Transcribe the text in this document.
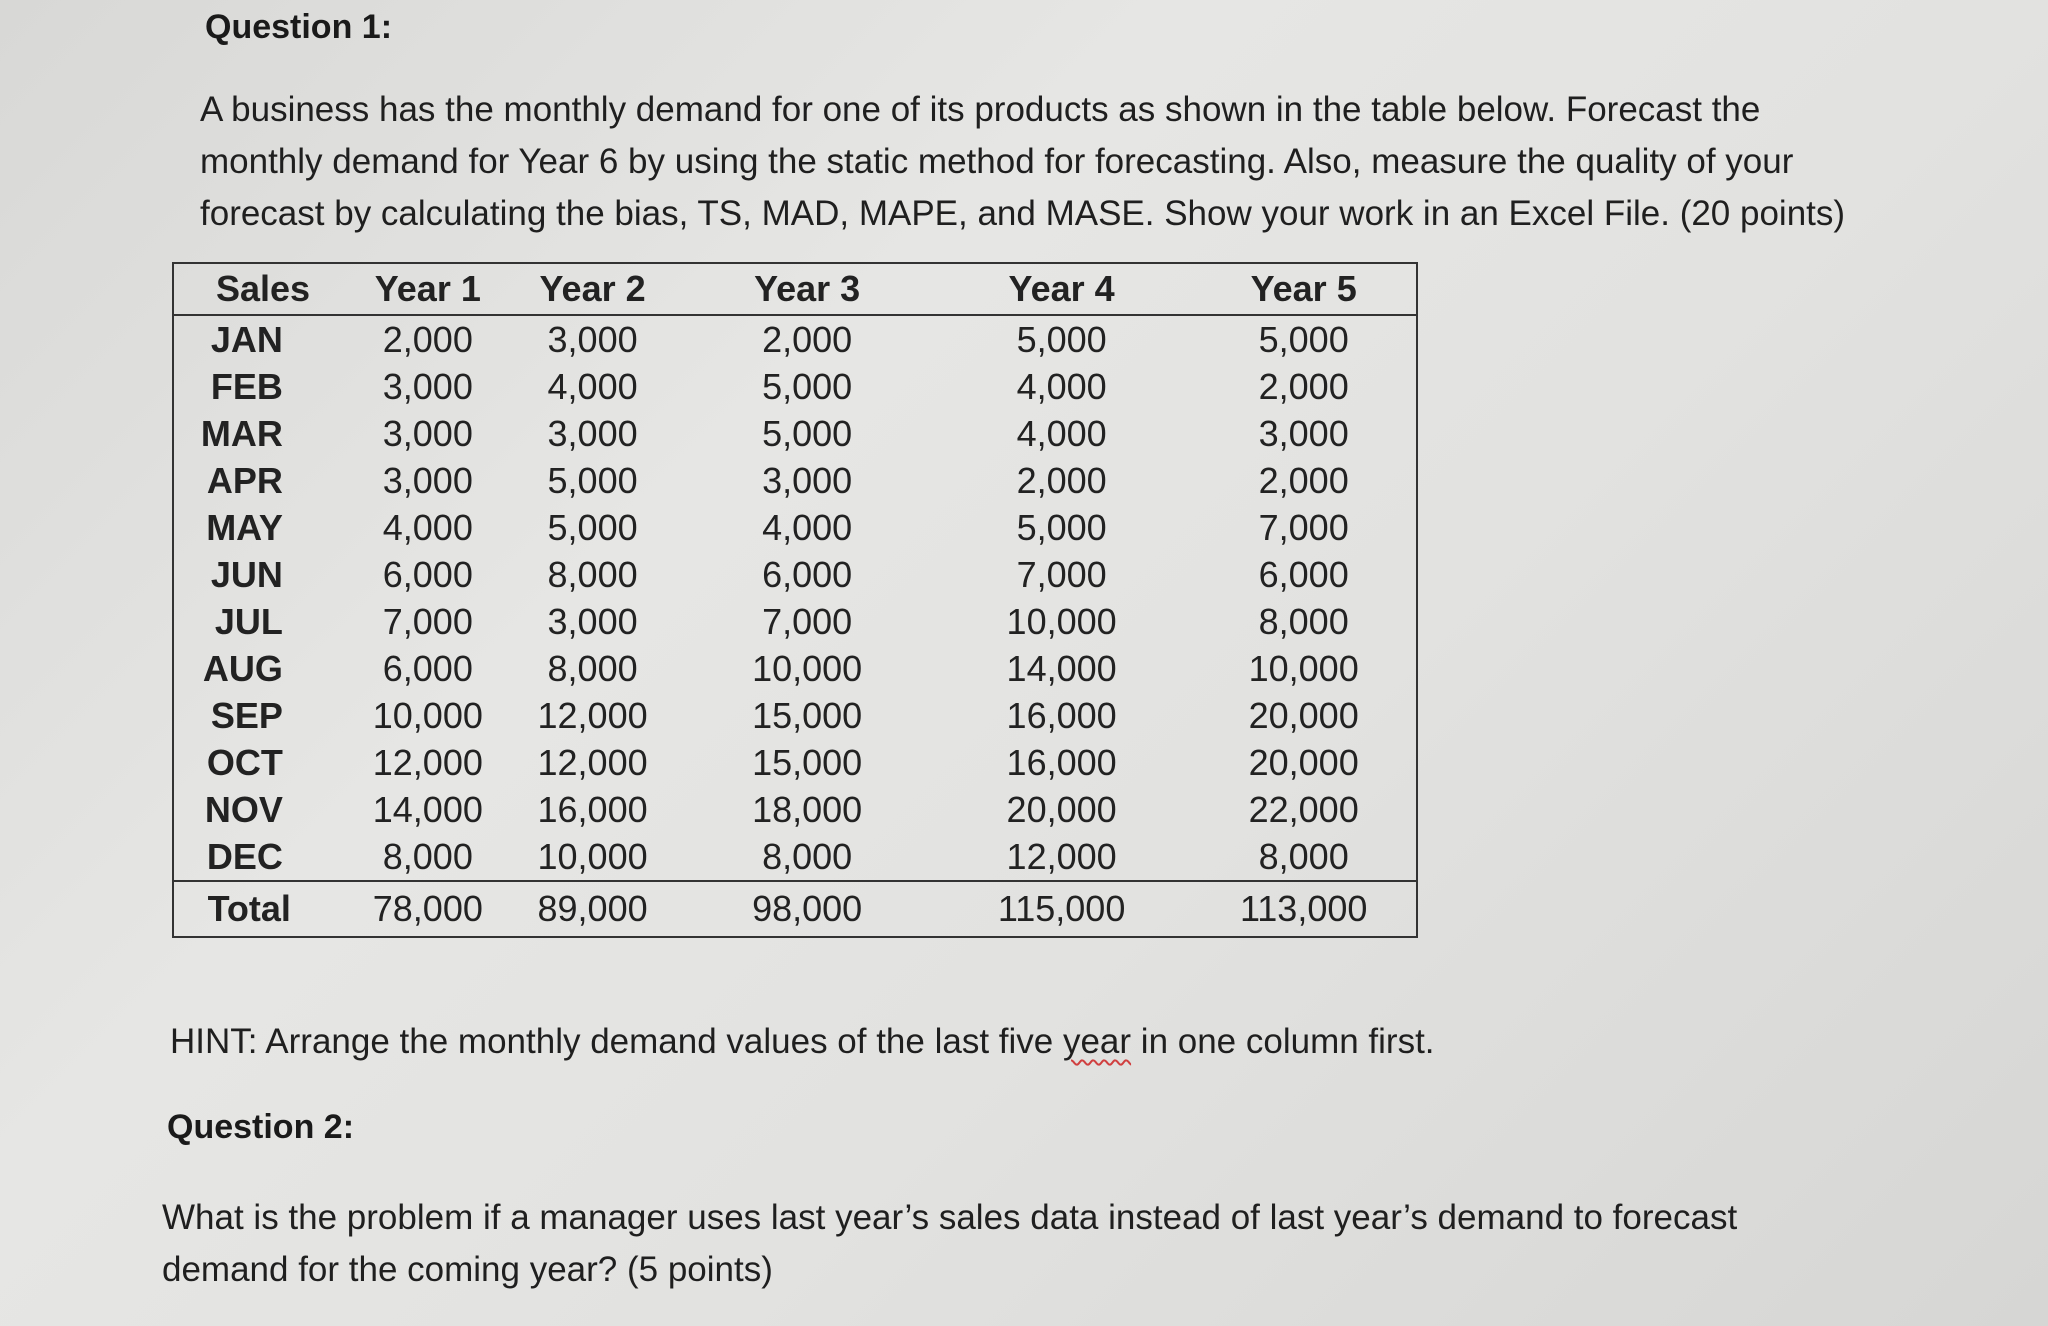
Question 1:
A business has the monthly demand for one of its products as shown in the table below. Forecast the
monthly demand for Year 6 by using the static method for forecasting. Also, measure the quality of your
forecast by calculating the bias, TS, MAD, MAPE, and MASE. Show your work in an Excel File. (20 points)
Sales	Year 1	Year 2	Year 3	Year 4	Year 5
JAN	2,000	3,000	2,000	5,000	5,000
FEB	3,000	4,000	5,000	4,000	2,000
MAR	3,000	3,000	5,000	4,000	3,000
APR	3,000	5,000	3,000	2,000	2,000
MAY	4,000	5,000	4,000	5,000	7,000
JUN	6,000	8,000	6,000	7,000	6,000
JUL	7,000	3,000	7,000	10,000	8,000
AUG	6,000	8,000	10,000	14,000	10,000
SEP	10,000	12,000	15,000	16,000	20,000
OCT	12,000	12,000	15,000	16,000	20,000
NOV	14,000	16,000	18,000	20,000	22,000
DEC	8,000	10,000	8,000	12,000	8,000
Total	78,000	89,000	98,000	115,000	113,000
HINT: Arrange the monthly demand values of the last five year in one column first.
Question 2:
What is the problem if a manager uses last year’s sales data instead of last year’s demand to forecast
demand for the coming year? (5 points)
